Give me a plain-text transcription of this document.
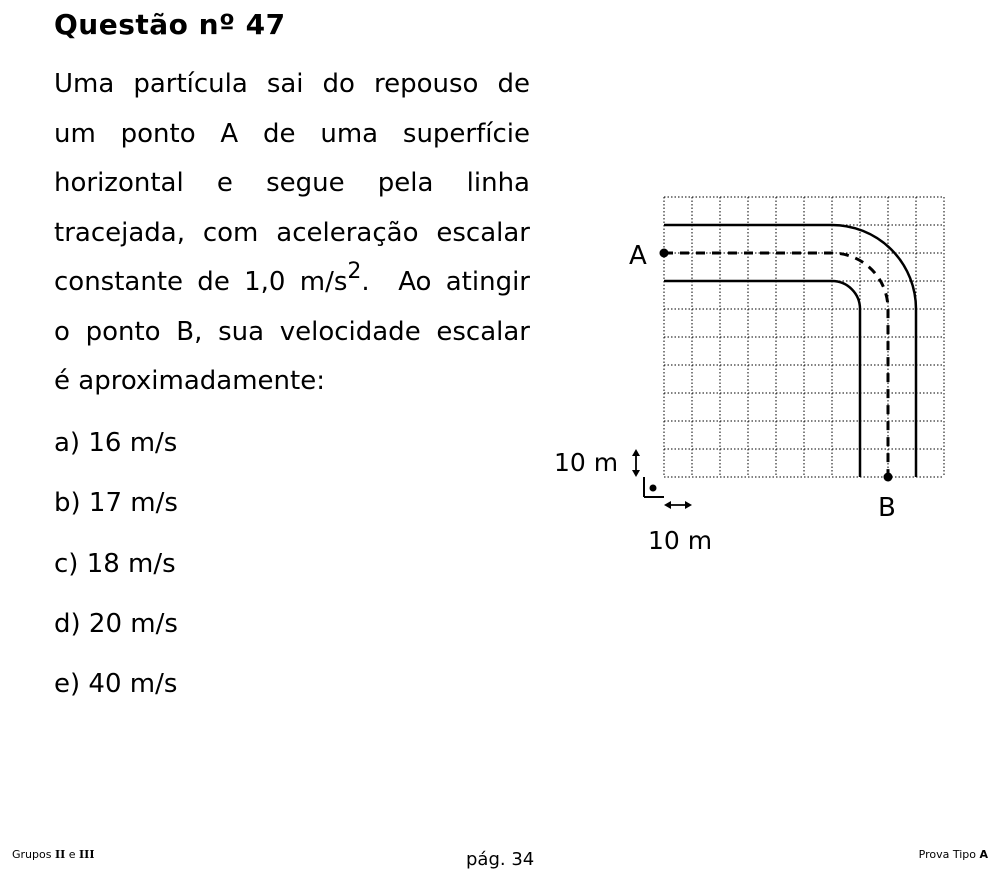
Questão nº 47
Uma partícula sai do repouso de
um ponto A de uma superfície
horizontal e segue pela linha
tracejada, com aceleração escalar
constante de 1,0 $m/s^2$.  Ao atingir
o ponto B, sua velocidade escalar
é aproximadamente:
a) 16 m/s
b) 17 m/s
c) 18 m/s
d) 20 m/s
e) 40 m/s
A
B
10 m
10 m
Grupos II e III	pág. 34	Prova Tipo A
